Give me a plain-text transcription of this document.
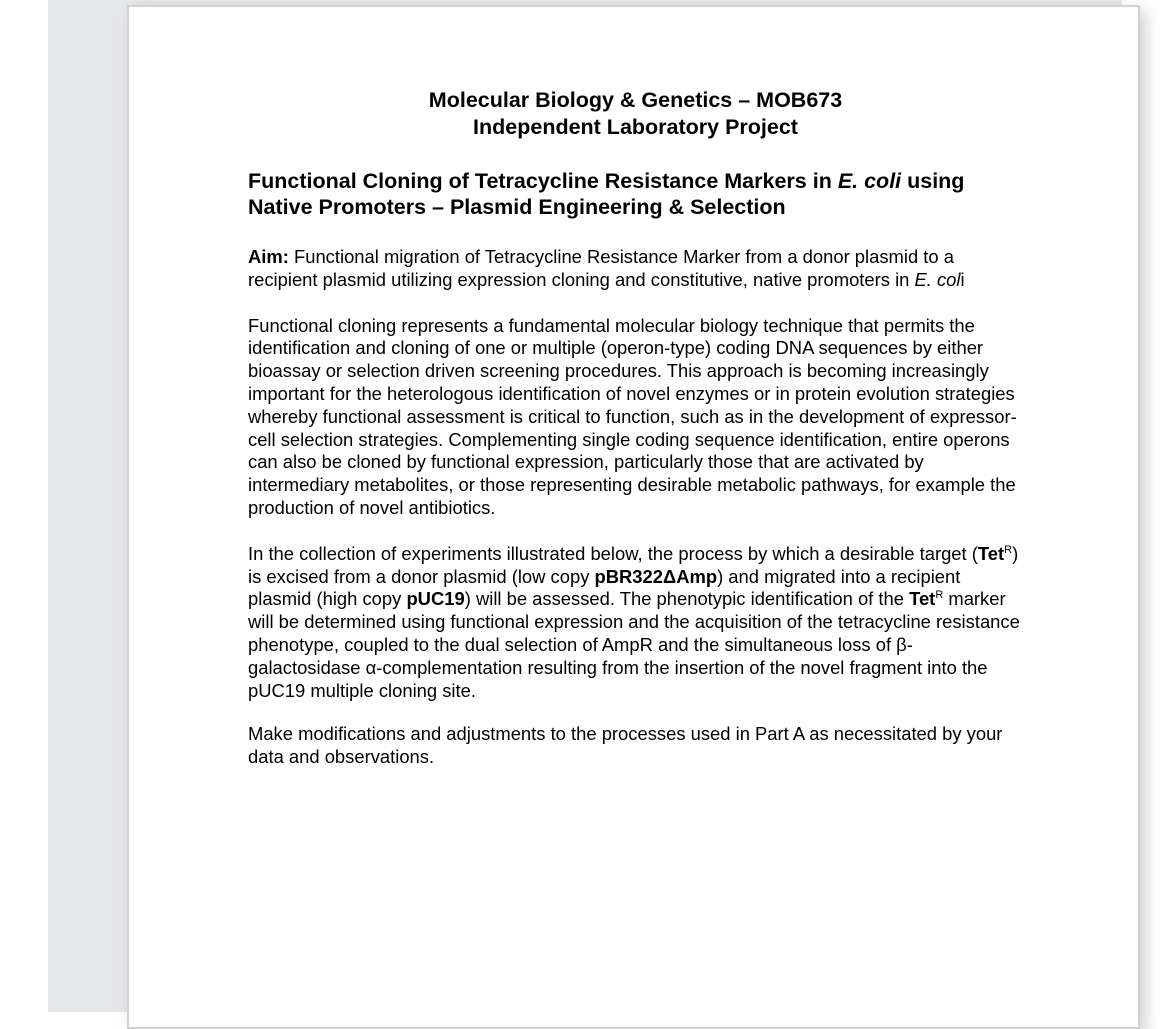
Molecular Biology & Genetics – MOB673
Independent Laboratory Project

Functional Cloning of Tetracycline Resistance Markers in E. coli using Native Promoters – Plasmid Engineering & Selection

Aim: Functional migration of Tetracycline Resistance Marker from a donor plasmid to a recipient plasmid utilizing expression cloning and constitutive, native promoters in E. coli

Functional cloning represents a fundamental molecular biology technique that permits the identification and cloning of one or multiple (operon-type) coding DNA sequences by either bioassay or selection driven screening procedures. This approach is becoming increasingly important for the heterologous identification of novel enzymes or in protein evolution strategies whereby functional assessment is critical to function, such as in the development of expressor-cell selection strategies. Complementing single coding sequence identification, entire operons can also be cloned by functional expression, particularly those that are activated by intermediary metabolites, or those representing desirable metabolic pathways, for example the production of novel antibiotics.

In the collection of experiments illustrated below, the process by which a desirable target (Tet$^R$) is excised from a donor plasmid (low copy pBR322ΔAmp) and migrated into a recipient plasmid (high copy pUC19) will be assessed. The phenotypic identification of the Tet$^R$ marker will be determined using functional expression and the acquisition of the tetracycline resistance phenotype, coupled to the dual selection of AmpR and the simultaneous loss of β-galactosidase α-complementation resulting from the insertion of the novel fragment into the pUC19 multiple cloning site.

Make modifications and adjustments to the processes used in Part A as necessitated by your data and observations.
